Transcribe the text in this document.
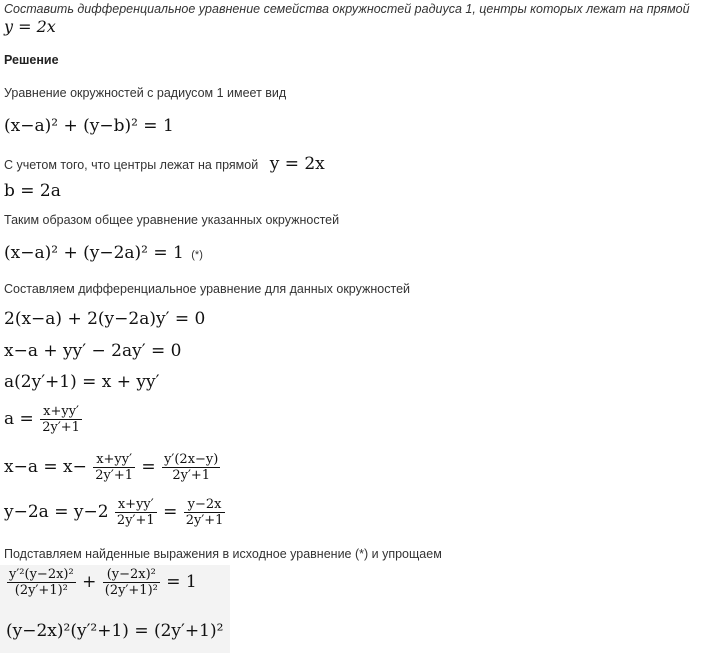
Составить дифференциальное уравнение семейства окружностей радиуса 1, центры которых лежат на прямой
y = 2x
Решение
Уравнение окружностей с радиусом 1 имеет вид
(x−a)² + (y−b)² = 1
С учетом того, что центры лежат на прямой y = 2x
b = 2a
Таким образом общее уравнение указанных окружностей
(x−a)² + (y−2a)² = 1 (*)
Составляем дифференциальное уравнение для данных окружностей
2(x−a) + 2(y−2a)y′ = 0
x−a + yy′ − 2ay′ = 0
a(2y′+1) = x + yy′
$a = \frac{x+yy'}{2y'+1}$
$x-a = x- \frac{x+yy'}{2y'+1} = \frac{y'(2x-y)}{2y'+1}$
$y-2a = y-2 \frac{x+yy'}{2y'+1} = \frac{y-2x}{2y'+1}$
Подставляем найденные выражения в исходное уравнение (*) и упрощаем
$\frac{\text{y′²(y−2x)²}}{\text{(2y′+1)²}} + \frac{\text{(y−2x)²}}{\text{(2y′+1)²}} = 1$
(y−2x)²(y′²+1) = (2y′+1)²
